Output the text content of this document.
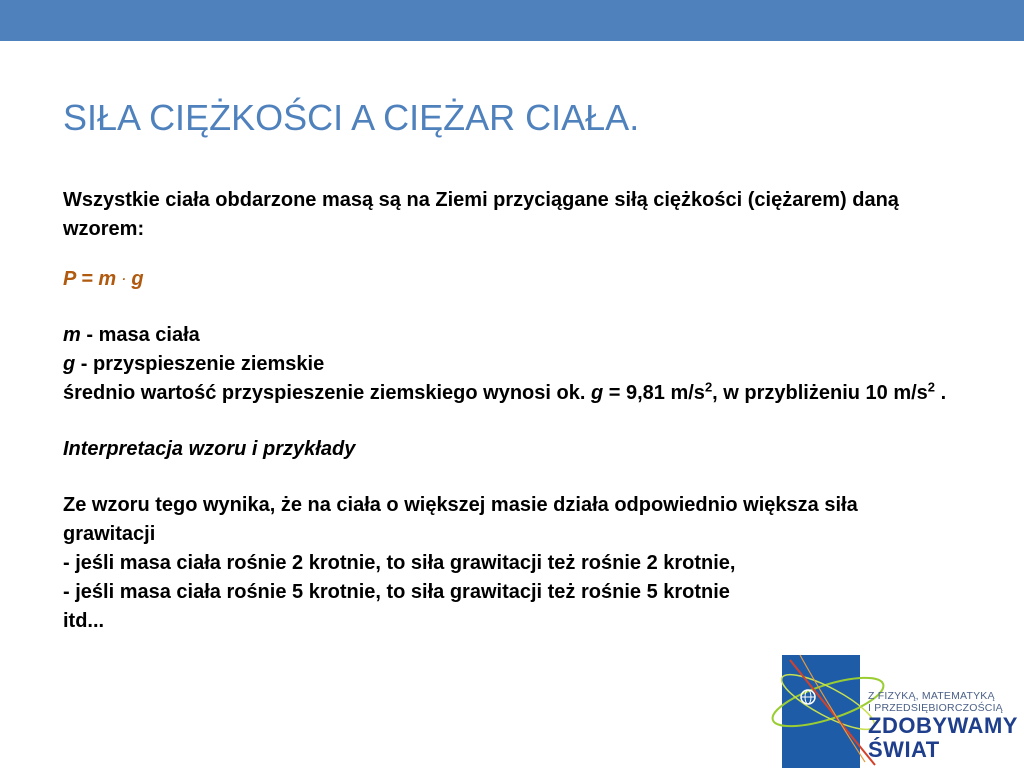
SIŁA CIĘŻKOŚCI A CIĘŻAR CIAŁA.

Wszystkie ciała obdarzone masą są na Ziemi przyciągane siłą ciężkości (ciężarem) daną wzorem:

P = m · g

m - masa ciała

g - przyspieszenie ziemskie

średnio wartość przyspieszenie ziemskiego wynosi ok. g = 9,81 $m/s^2$, w przybliżeniu 10 $m/s^2$ .

Interpretacja wzoru i przykłady

Ze wzoru tego wynika, że na ciała o większej masie działa odpowiednio większa siła grawitacji

- jeśli masa ciała rośnie 2 krotnie, to siła grawitacji też rośnie 2 krotnie,

- jeśli masa ciała rośnie 5 krotnie, to siła grawitacji też rośnie 5 krotnie

itd...

Z FIZYKĄ, MATEMATYKĄ
I PRZEDSIĘBIORCZOŚCIĄ
ZDOBYWAMY
ŚWIAT
